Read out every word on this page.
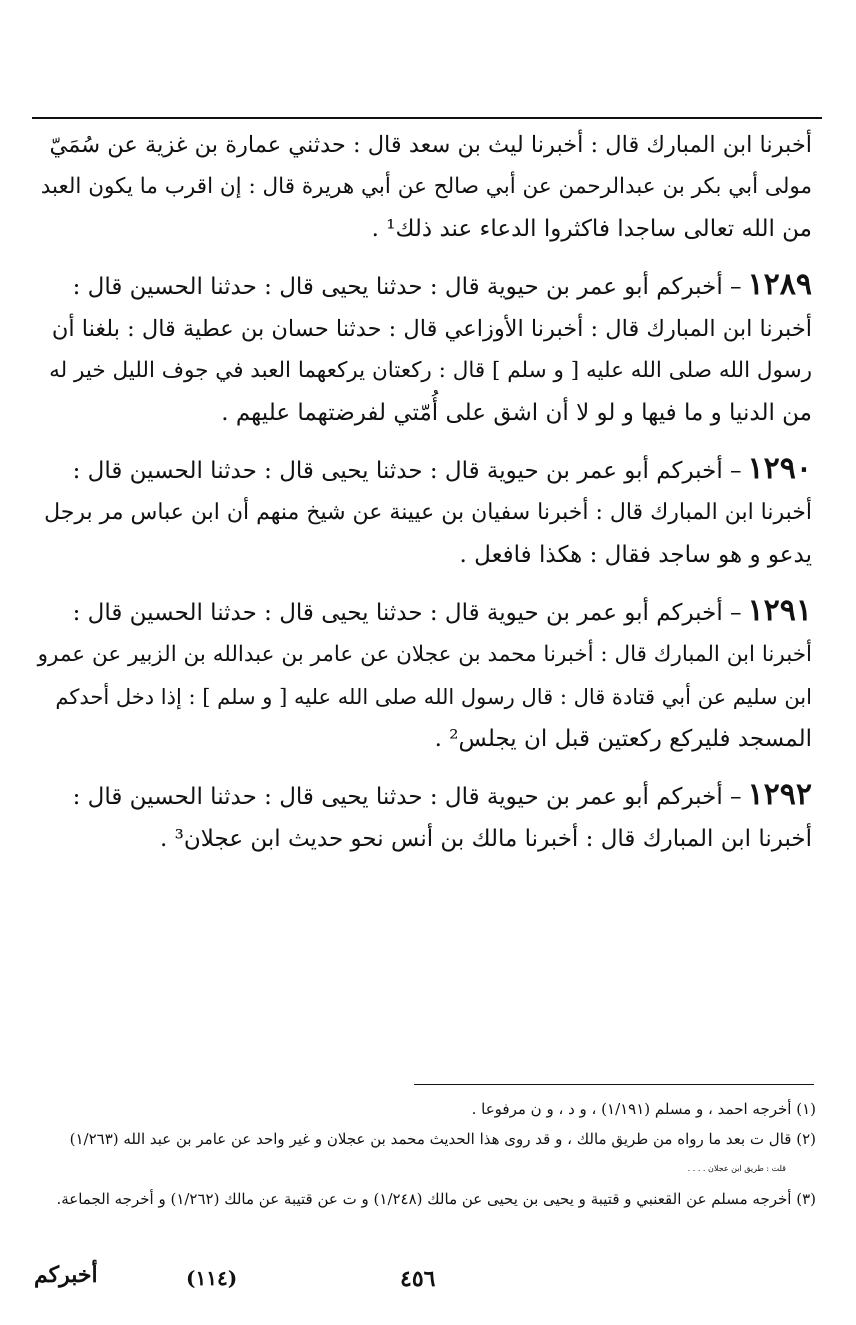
أخبرنا ابن المبارك قال : أخبرنا ليث بن سعد قال : حدثني عمارة بن غزية عن سُمَيّ

مولى أبي بكر بن عبدالرحمن عن أبي صالح عن أبي هريرة قال : إن اقرب ما يكون العبد

من الله تعالى ساجدا فاكثروا الدعاء عند ذلك¹ .

١٢٨٩– أخبركم أبو عمر بن حيوية قال : حدثنا يحيى قال : حدثنا الحسين قال :

أخبرنا ابن المبارك قال : أخبرنا الأوزاعي قال : حدثنا حسان بن عطية قال : بلغنا أن

رسول الله صلى الله عليه [ و سلم ] قال : ركعتان يركعهما العبد في جوف الليل خير له

من الدنيا و ما فيها و لو لا أن اشق على أُمّتي لفرضتهما عليهم .

١٢٩٠– أخبركم أبو عمر بن حيوية قال : حدثنا يحيى قال : حدثنا الحسين قال :

أخبرنا ابن المبارك قال : أخبرنا سفيان بن عيينة عن شيخ منهم أن ابن عباس مر برجل

يدعو و هو ساجد فقال : هكذا فافعل .

١٢٩١– أخبركم أبو عمر بن حيوية قال : حدثنا يحيى قال : حدثنا الحسين قال :

أخبرنا ابن المبارك قال : أخبرنا محمد بن عجلان عن عامر بن عبدالله بن الزبير عن عمرو

ابن سليم عن أبي قتادة قال : قال رسول الله صلى الله عليه [ و سلم ] : إذا دخل أحدكم

المسجد فليركع ركعتين قبل ان يجلس² .

١٢٩٢– أخبركم أبو عمر بن حيوية قال : حدثنا يحيى قال : حدثنا الحسين قال :

أخبرنا ابن المبارك قال : أخبرنا مالك بن أنس نحو حديث ابن عجلان³ .

(١) أخرجه احمد ، و مسلم (١/١٩١) ، و د ، و ن مرفوعا .

(٢) قال ت بعد ما رواه من طريق مالك ، و قد روى هذا الحديث محمد بن عجلان و غير واحد عن عامر بن عبد الله (١/٢٦٣)

قلت : طريق ابن عجلان . . . .

(٣) أخرجه مسلم عن القعنبي و قتيبة و يحيى بن يحيى عن مالك (١/٢٤٨) و ت عن قتيبة عن مالك (١/٢٦٢) و أخرجه الجماعة.

أخبركم	(١١٤)	٤٥٦
